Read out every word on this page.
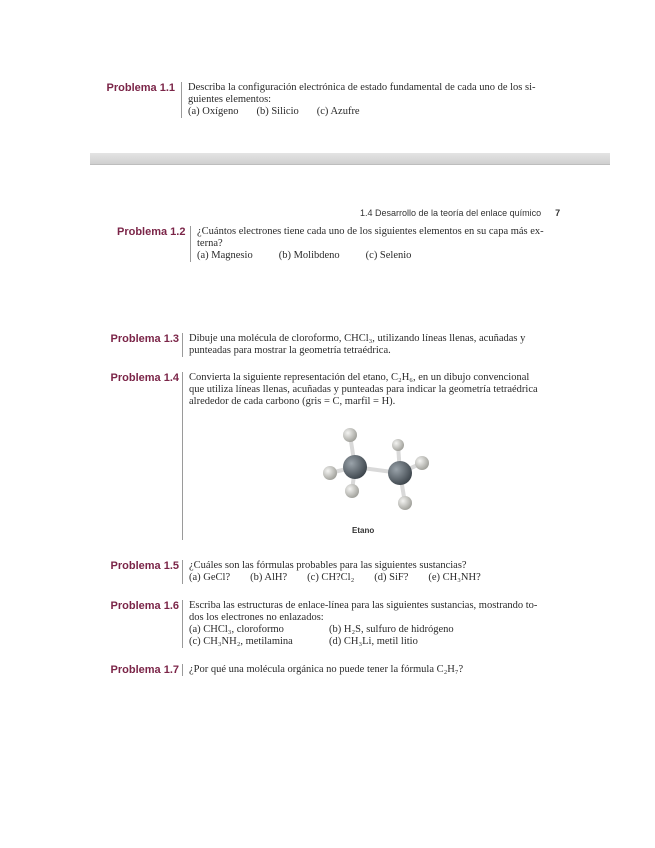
Problema 1.1 Describa la configuración electrónica de estado fundamental de cada uno de los si-
guientes elementos:
(a) Oxígeno (b) Silicio (c) Azufre
1.4 Desarrollo de la teoría del enlace químico 7
Problema 1.2 ¿Cuántos electrones tiene cada uno de los siguientes elementos en su capa más ex-
terna?
(a) Magnesio (b) Molibdeno (c) Selenio
Problema 1.3 Dibuje una molécula de cloroformo, CHCl₃, utilizando líneas llenas, acuñadas y
punteadas para mostrar la geometría tetraédrica.
Problema 1.4 Convierta la siguiente representación del etano, C₂H₆, en un dibujo convencional
que utiliza líneas llenas, acuñadas y punteadas para indicar la geometría tetraédrica
alrededor de cada carbono (gris = C, marfil = H).
Etano
Problema 1.5 ¿Cuáles son las fórmulas probables para las siguientes sustancias?
(a) GeCl? (b) AlH? (c) CH?Cl₂ (d) SiF? (e) CH₃NH?
Problema 1.6 Escriba las estructuras de enlace-línea para las siguientes sustancias, mostrando to-
dos los electrones no enlazados:
(a) CHCl₃, cloroformo	(b) H₂S, sulfuro de hidrógeno
(c) CH₃NH₂, metilamina	(d) CH₃Li, metil litio
Problema 1.7 ¿Por qué una molécula orgánica no puede tener la fórmula C₂H₇?
